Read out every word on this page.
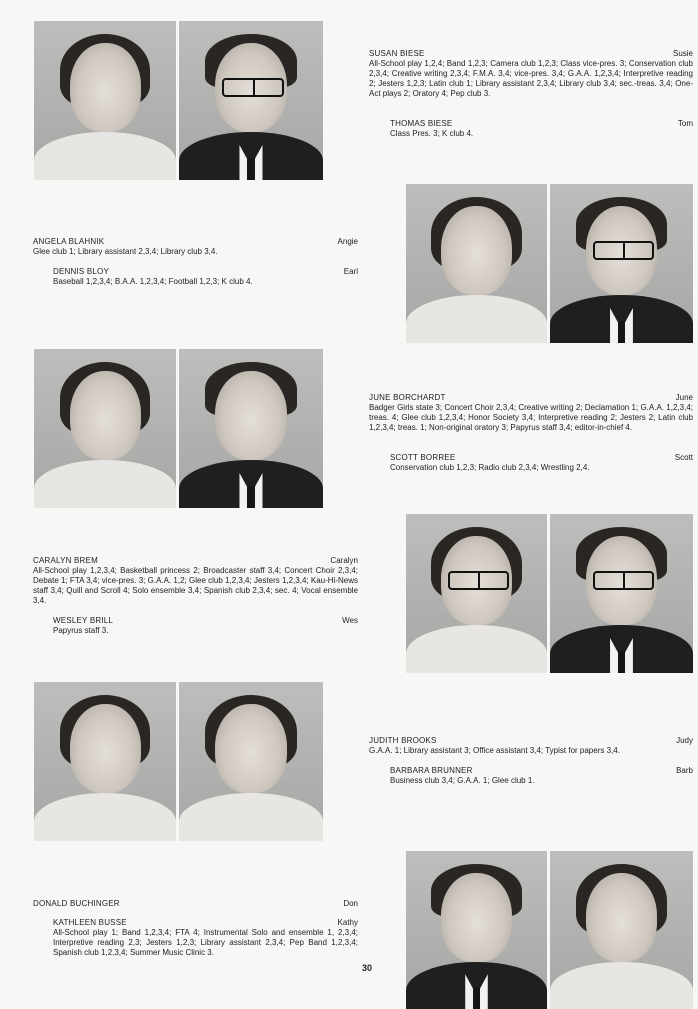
SUSAN BIESE	Susie
All-School play 1,2,4; Band 1,2,3; Camera club 1,2,3; Class vice-pres. 3; Conservation club 2,3,4; Creative writing 2,3,4; F.M.A. 3,4; vice-pres. 3,4; G.A.A. 1,2,3,4; Interpretive reading 2; Jesters 1,2,3; Latin club 1; Library assistant 2,3,4; Library club 3,4; sec.-treas. 3,4; One-Act plays 2; Oratory 4; Pep club 3.
THOMAS BIESE	Tom
Class Pres. 3; K club 4.
ANGELA BLAHNIK	Angie
Glee club 1; Library assistant 2,3,4; Library club 3,4.
DENNIS BLOY	Earl
Baseball 1,2,3,4; B.A.A. 1,2,3,4; Football 1,2,3; K club 4.
JUNE BORCHARDT	June
Badger Girls state 3; Concert Choir 2,3,4; Creative writing 2; Declamation 1; G.A.A. 1,2,3,4; treas. 4; Glee club 1,2,3,4; Honor Society 3,4; Interpretive reading 2; Jesters 2; Latin club 1,2,3,4; treas. 1; Non-original oratory 3; Papyrus staff 3,4; editor-in-chief 4.
SCOTT BORREE	Scott
Conservation club 1,2,3; Radio club 2,3,4; Wrestling 2,4.
CARALYN BREM	Caralyn
All-School play 1,2,3,4; Basketball princess 2; Broadcaster staff 3,4; Concert Choir 2,3,4; Debate 1; FTA 3,4; vice-pres. 3; G.A.A. 1,2; Glee club 1,2,3,4; Jesters 1,2,3,4; Kau-Hi-News staff 3,4; Quill and Scroll 4; Solo ensemble 3,4; Spanish club 2,3,4; sec. 4; Vocal ensemble 3,4.
WESLEY BRILL	Wes
Papyrus staff 3.
JUDITH BROOKS	Judy
G.A.A. 1; Library assistant 3; Office assistant 3,4; Typist for papers 3,4.
BARBARA BRUNNER	Barb
Business club 3,4; G.A.A. 1; Glee club 1.
DONALD BUCHINGER	Don
KATHLEEN BUSSE	Kathy
All-School play 1; Band 1,2,3,4; FTA 4; Instrumental Solo and ensemble 1, 2,3,4; Interpretive reading 2,3; Jesters 1,2,3; Library assistant 2,3,4; Pep Band 1,2,3,4; Spanish club 1,2,3,4; Summer Music Clinic 3.
30
